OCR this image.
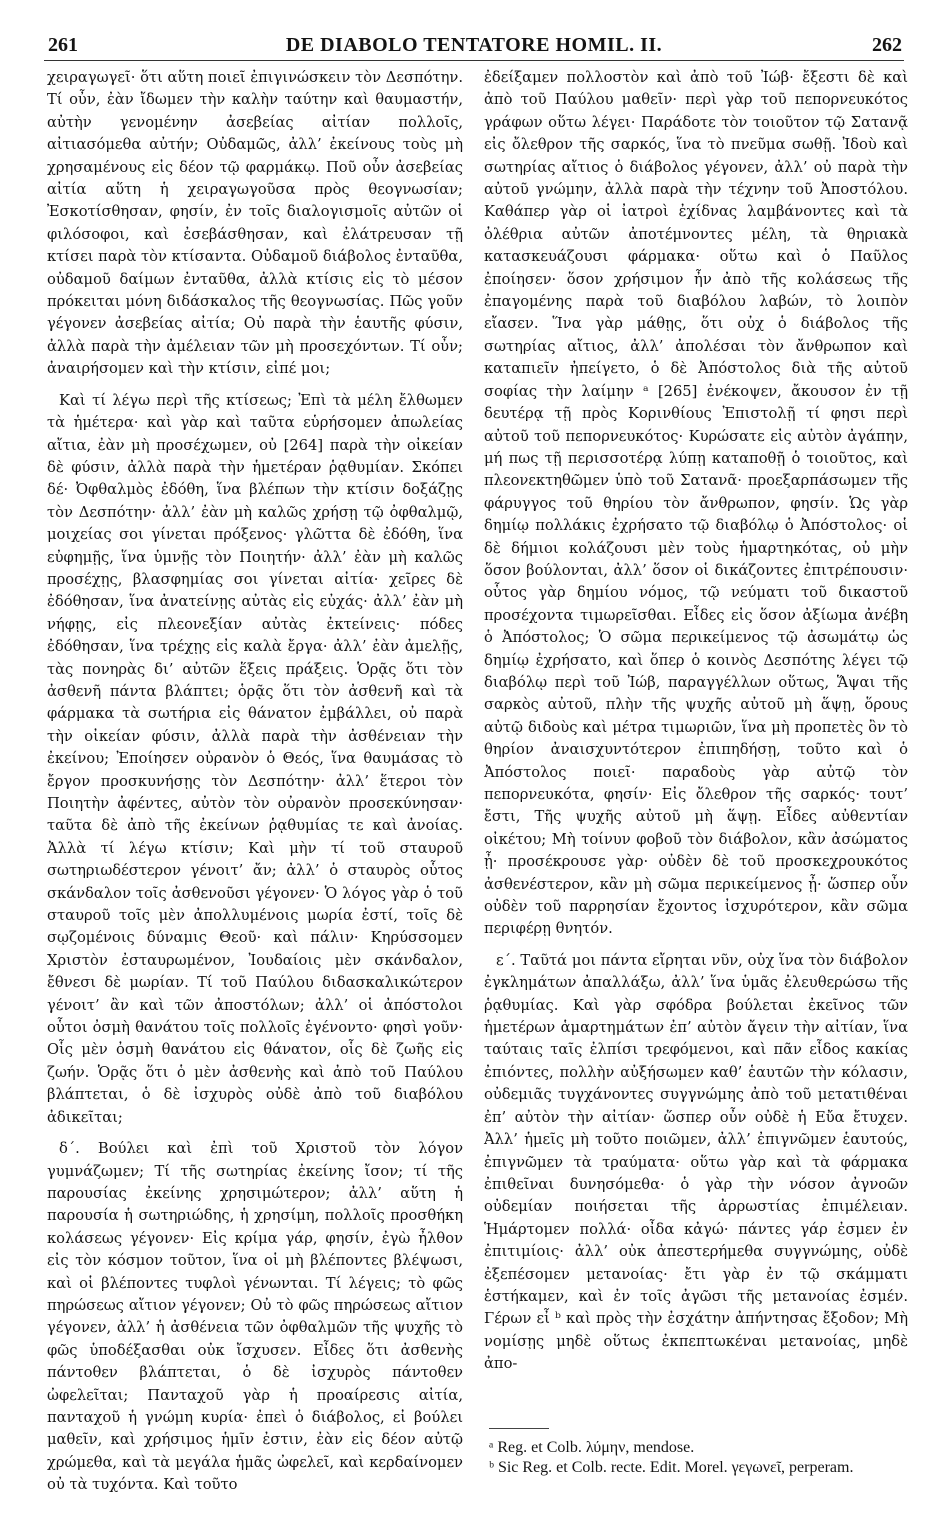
261	DE DIABOLO TENTATORE HOMIL. II.	262

χειραγωγεῖ· ὅτι αὕτη ποιεῖ ἐπιγινώσκειν τὸν Δεσπότην. Τί οὖν, ἐὰν ἴδωμεν τὴν καλὴν ταύτην καὶ θαυμαστήν, αὐτὴν γενομένην ἀσεβείας αἰτίαν πολλοῖς, αἰτιασόμεθα αὐτήν; Οὐδαμῶς, ἀλλ’ ἐκείνους τοὺς μὴ χρησαμένους εἰς δέον τῷ φαρμάκῳ. Ποῦ οὖν ἀσεβείας αἰτία αὕτη ἡ χειραγωγοῦσα πρὸς θεογνωσίαν; Ἐσκοτίσθησαν, φησίν, ἐν τοῖς διαλογισμοῖς αὐτῶν οἱ φιλόσοφοι, καὶ ἐσεβάσθησαν, καὶ ἐλάτρευσαν τῇ κτίσει παρὰ τὸν κτίσαντα. Οὐδαμοῦ διάβολος ἐνταῦθα, οὐδαμοῦ δαίμων ἐνταῦθα, ἀλλὰ κτίσις εἰς τὸ μέσον πρόκειται μόνη διδάσκαλος τῆς θεογνωσίας. Πῶς γοῦν γέγονεν ἀσεβείας αἰτία; Οὐ παρὰ τὴν ἑαυτῆς φύσιν, ἀλλὰ παρὰ τὴν ἀμέλειαν τῶν μὴ προσεχόντων. Τί οὖν; ἀναιρήσομεν καὶ τὴν κτίσιν, εἰπέ μοι;

Καὶ τί λέγω περὶ τῆς κτίσεως; Ἐπὶ τὰ μέλη ἔλθωμεν τὰ ἡμέτερα· καὶ γὰρ καὶ ταῦτα εὑρήσομεν ἀπωλείας αἴτια, ἐὰν μὴ προσέχωμεν, οὐ [264] παρὰ τὴν οἰκείαν δὲ φύσιν, ἀλλὰ παρὰ τὴν ἡμετέραν ῥᾳθυμίαν. Σκόπει δέ· Ὀφθαλμὸς ἐδόθη, ἵνα βλέπων τὴν κτίσιν δοξάζῃς τὸν Δεσπότην· ἀλλ’ ἐὰν μὴ καλῶς χρήσῃ τῷ ὀφθαλμῷ, μοιχείας σοι γίνεται πρόξενος· γλῶττα δὲ ἐδόθη, ἵνα εὐφημῇς, ἵνα ὑμνῇς τὸν Ποιητήν· ἀλλ’ ἐὰν μὴ καλῶς προσέχῃς, βλασφημίας σοι γίνεται αἰτία· χεῖρες δὲ ἐδόθησαν, ἵνα ἀνατείνῃς αὐτὰς εἰς εὐχάς· ἀλλ’ ἐὰν μὴ νήφῃς, εἰς πλεονεξίαν αὐτὰς ἐκτείνεις· πόδες ἐδόθησαν, ἵνα τρέχῃς εἰς καλὰ ἔργα· ἀλλ’ ἐὰν ἀμελῇς, τὰς πονηρὰς δι’ αὐτῶν ἕξεις πράξεις. Ὁρᾷς ὅτι τὸν ἀσθενῆ πάντα βλάπτει; ὁρᾷς ὅτι τὸν ἀσθενῆ καὶ τὰ φάρμακα τὰ σωτήρια εἰς θάνατον ἐμβάλλει, οὐ παρὰ τὴν οἰκείαν φύσιν, ἀλλὰ παρὰ τὴν ἀσθένειαν τὴν ἐκείνου; Ἐποίησεν οὐρανὸν ὁ Θεός, ἵνα θαυμάσας τὸ ἔργον προσκυνήσῃς τὸν Δεσπότην· ἀλλ’ ἕτεροι τὸν Ποιητὴν ἀφέντες, αὐτὸν τὸν οὐρανὸν προσεκύνησαν· ταῦτα δὲ ἀπὸ τῆς ἐκείνων ῥᾳθυμίας τε καὶ ἀνοίας. Ἀλλὰ τί λέγω κτίσιν; Καὶ μὴν τί τοῦ σταυροῦ σωτηριωδέστερον γένοιτ’ ἄν; ἀλλ’ ὁ σταυρὸς οὗτος σκάνδαλον τοῖς ἀσθενοῦσι γέγονεν· Ὁ λόγος γὰρ ὁ τοῦ σταυροῦ τοῖς μὲν ἀπολλυμένοις μωρία ἐστί, τοῖς δὲ σῳζομένοις δύναμις Θεοῦ· καὶ πάλιν· Κηρύσσομεν Χριστὸν ἐσταυρωμένον, Ἰουδαίοις μὲν σκάνδαλον, ἔθνεσι δὲ μωρίαν. Τί τοῦ Παύλου διδασκαλικώτερον γένοιτ’ ἂν καὶ τῶν ἀποστόλων; ἀλλ’ οἱ ἀπόστολοι οὗτοι ὀσμὴ θανάτου τοῖς πολλοῖς ἐγένοντο· φησὶ γοῦν· Οἷς μὲν ὀσμὴ θανάτου εἰς θάνατον, οἷς δὲ ζωῆς εἰς ζωήν. Ὁρᾷς ὅτι ὁ μὲν ἀσθενὴς καὶ ἀπὸ τοῦ Παύλου βλάπτεται, ὁ δὲ ἰσχυρὸς οὐδὲ ἀπὸ τοῦ διαβόλου ἀδικεῖται;

δ΄. Βούλει καὶ ἐπὶ τοῦ Χριστοῦ τὸν λόγον γυμνάζωμεν; Τί τῆς σωτηρίας ἐκείνης ἴσον; τί τῆς παρουσίας ἐκείνης χρησιμώτερον; ἀλλ’ αὕτη ἡ παρουσία ἡ σωτηριώδης, ἡ χρησίμη, πολλοῖς προσθήκη κολάσεως γέγονεν· Εἰς κρίμα γάρ, φησίν, ἐγὼ ἦλθον εἰς τὸν κόσμον τοῦτον, ἵνα οἱ μὴ βλέποντες βλέψωσι, καὶ οἱ βλέποντες τυφλοὶ γένωνται. Τί λέγεις; τὸ φῶς πηρώσεως αἴτιον γέγονεν; Οὐ τὸ φῶς πηρώσεως αἴτιον γέγονεν, ἀλλ’ ἡ ἀσθένεια τῶν ὀφθαλμῶν τῆς ψυχῆς τὸ φῶς ὑποδέξασθαι οὐκ ἴσχυσεν. Εἶδες ὅτι ἀσθενὴς πάντοθεν βλάπτεται, ὁ δὲ ἰσχυρὸς πάντοθεν ὠφελεῖται; Πανταχοῦ γὰρ ἡ προαίρεσις αἰτία, πανταχοῦ ἡ γνώμη κυρία· ἐπεὶ ὁ διάβολος, εἰ βούλει μαθεῖν, καὶ χρήσιμος ἡμῖν ἐστιν, ἐὰν εἰς δέον αὐτῷ χρώμεθα, καὶ τὰ μεγάλα ἡμᾶς ὠφελεῖ, καὶ κερδαίνομεν οὐ τὰ τυχόντα. Καὶ τοῦτο

ἐδείξαμεν πολλοστὸν καὶ ἀπὸ τοῦ Ἰώβ· ἔξεστι δὲ καὶ ἀπὸ τοῦ Παύλου μαθεῖν· περὶ γὰρ τοῦ πεπορνευκότος γράφων οὕτω λέγει· Παράδοτε τὸν τοιοῦτον τῷ Σατανᾷ εἰς ὄλεθρον τῆς σαρκός, ἵνα τὸ πνεῦμα σωθῇ. Ἰδοὺ καὶ σωτηρίας αἴτιος ὁ διάβολος γέγονεν, ἀλλ’ οὐ παρὰ τὴν αὐτοῦ γνώμην, ἀλλὰ παρὰ τὴν τέχνην τοῦ Ἀποστόλου. Καθάπερ γὰρ οἱ ἰατροὶ ἐχίδνας λαμβάνοντες καὶ τὰ ὀλέθρια αὐτῶν ἀποτέμνοντες μέλη, τὰ θηριακὰ κατασκευάζουσι φάρμακα· οὕτω καὶ ὁ Παῦλος ἐποίησεν· ὅσον χρήσιμον ἦν ἀπὸ τῆς κολάσεως τῆς ἐπαγομένης παρὰ τοῦ διαβόλου λαβών, τὸ λοιπὸν εἴασεν. Ἵνα γὰρ μάθῃς, ὅτι οὐχ ὁ διάβολος τῆς σωτηρίας αἴτιος, ἀλλ’ ἀπολέσαι τὸν ἄνθρωπον καὶ καταπιεῖν ἠπείγετο, ὁ δὲ Ἀπόστολος διὰ τῆς αὐτοῦ σοφίας τὴν λαίμην ᵃ [265] ἐνέκοψεν, ἄκουσον ἐν τῇ δευτέρᾳ τῇ πρὸς Κορινθίους Ἐπιστολῇ τί φησι περὶ αὐτοῦ τοῦ πεπορνευκότος· Κυρώσατε εἰς αὐτὸν ἀγάπην, μή πως τῇ περισσοτέρᾳ λύπῃ καταποθῇ ὁ τοιοῦτος, καὶ πλεονεκτηθῶμεν ὑπὸ τοῦ Σατανᾶ· προεξαρπάσωμεν τῆς φάρυγγος τοῦ θηρίου τὸν ἄνθρωπον, φησίν. Ὡς γὰρ δημίῳ πολλάκις ἐχρήσατο τῷ διαβόλῳ ὁ Ἀπόστολος· οἱ δὲ δήμιοι κολάζουσι μὲν τοὺς ἡμαρτηκότας, οὐ μὴν ὅσον βούλονται, ἀλλ’ ὅσον οἱ δικάζοντες ἐπιτρέπουσιν· οὗτος γὰρ δημίου νόμος, τῷ νεύματι τοῦ δικαστοῦ προσέχοντα τιμωρεῖσθαι. Εἶδες εἰς ὅσον ἀξίωμα ἀνέβη ὁ Ἀπόστολος; Ὁ σῶμα περικείμενος τῷ ἀσωμάτῳ ὡς δημίῳ ἐχρήσατο, καὶ ὅπερ ὁ κοινὸς Δεσπότης λέγει τῷ διαβόλῳ περὶ τοῦ Ἰώβ, παραγγέλλων οὕτως, Ἅψαι τῆς σαρκὸς αὐτοῦ, πλὴν τῆς ψυχῆς αὐτοῦ μὴ ἅψῃ, ὅρους αὐτῷ διδοὺς καὶ μέτρα τιμωριῶν, ἵνα μὴ προπετὲς ὂν τὸ θηρίον ἀναισχυντότερον ἐπιπηδήσῃ, τοῦτο καὶ ὁ Ἀπόστολος ποιεῖ· παραδοὺς γὰρ αὐτῷ τὸν πεπορνευκότα, φησίν· Εἰς ὄλεθρον τῆς σαρκός· τουτ’ ἔστι, Τῆς ψυχῆς αὐτοῦ μὴ ἅψῃ. Εἶδες αὐθεντίαν οἰκέτου; Μὴ τοίνυν φοβοῦ τὸν διάβολον, κἂν ἀσώματος ᾖ· προσέκρουσε γὰρ· οὐδὲν δὲ τοῦ προσκεχρουκότος ἀσθενέστερον, κἂν μὴ σῶμα περικείμενος ᾖ· ὥσπερ οὖν οὐδὲν τοῦ παρρησίαν ἔχοντος ἰσχυρότερον, κἂν σῶμα περιφέρῃ θνητόν.

ε΄. Ταῦτά μοι πάντα εἴρηται νῦν, οὐχ ἵνα τὸν διάβολον ἐγκλημάτων ἀπαλλάξω, ἀλλ’ ἵνα ὑμᾶς ἐλευθερώσω τῆς ῥᾳθυμίας. Καὶ γὰρ σφόδρα βούλεται ἐκεῖνος τῶν ἡμετέρων ἁμαρτημάτων ἐπ’ αὐτὸν ἄγειν τὴν αἰτίαν, ἵνα ταύταις ταῖς ἐλπίσι τρεφόμενοι, καὶ πᾶν εἶδος κακίας ἐπιόντες, πολλὴν αὐξήσωμεν καθ’ ἑαυτῶν τὴν κόλασιν, οὐδεμιᾶς τυγχάνοντες συγγνώμης ἀπὸ τοῦ μετατιθέναι ἐπ’ αὐτὸν τὴν αἰτίαν· ὥσπερ οὖν οὐδὲ ἡ Εὔα ἔτυχεν. Ἀλλ’ ἡμεῖς μὴ τοῦτο ποιῶμεν, ἀλλ’ ἐπιγνῶμεν ἑαυτούς, ἐπιγνῶμεν τὰ τραύματα· οὕτω γὰρ καὶ τὰ φάρμακα ἐπιθεῖναι δυνησόμεθα· ὁ γὰρ τὴν νόσον ἀγνοῶν οὐδεμίαν ποιήσεται τῆς ἀρρωστίας ἐπιμέλειαν. Ἡμάρτομεν πολλά· οἶδα κἀγώ· πάντες γάρ ἐσμεν ἐν ἐπιτιμίοις· ἀλλ’ οὐκ ἀπεστερήμεθα συγγνώμης, οὐδὲ ἐξεπέσομεν μετανοίας· ἔτι γὰρ ἐν τῷ σκάμματι ἑστήκαμεν, καὶ ἐν τοῖς ἀγῶσι τῆς μετανοίας ἐσμέν. Γέρων εἶ ᵇ καὶ πρὸς τὴν ἐσχάτην ἀπήντησας ἔξοδον; Μὴ νομίσῃς μηδὲ οὕτως ἐκπεπτωκέναι μετανοίας, μηδὲ ἀπο-

ᵃ Reg. et Colb. λύμην, mendose.

ᵇ Sic Reg. et Colb. recte. Edit. Morel. γεγωνεῖ, perperam.
